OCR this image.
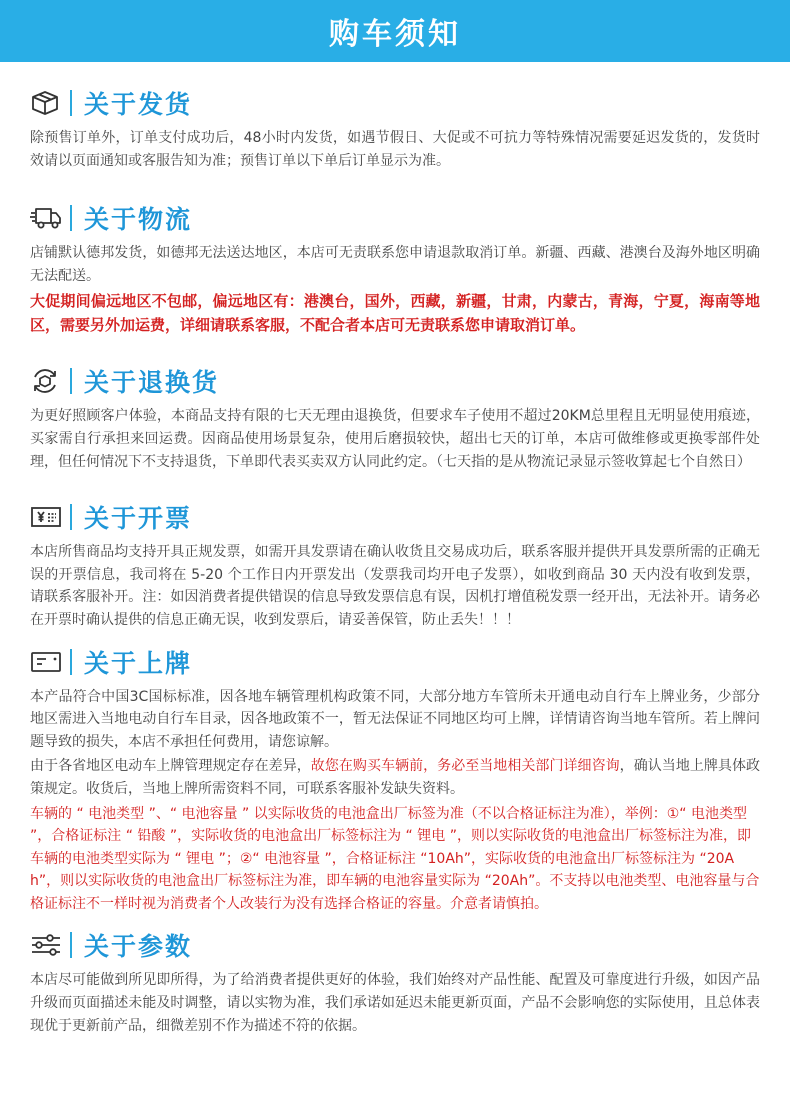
购车须知
关于发货

除预售订单外，订单支付成功后，48小时内发货，如遇节假日、大促或不可抗力等特殊情况需要延迟发货的，发货时效请以页面通知或客服告知为准；预售订单以下单后订单显示为准。

关于物流

店铺默认德邦发货，如德邦无法送达地区，本店可无责联系您申请退款取消订单。新疆、西藏、港澳台及海外地区明确无法配送。

大促期间偏远地区不包邮，偏远地区有：港澳台，国外，西藏，新疆，甘肃，内蒙古，青海，宁夏，海南等地区，需要另外加运费，详细请联系客服，不配合者本店可无责联系您申请取消订单。

关于退换货

为更好照顾客户体验，本商品支持有限的七天无理由退换货，但要求车子使用不超过20KM总里程且无明显使用痕迹，买家需自行承担来回运费。因商品使用场景复杂，使用后磨损较快，超出七天的订单，本店可做维修或更换零部件处理，但任何情况下不支持退货，下单即代表买卖双方认同此约定。（七天指的是从物流记录显示签收算起七个自然日）

关于开票

本店所售商品均支持开具正规发票，如需开具发票请在确认收货且交易成功后，联系客服并提供开具发票所需的正确无误的开票信息，我司将在 5-20 个工作日内开票发出（发票我司均开电子发票），如收到商品 30 天内没有收到发票，请联系客服补开。注：如因消费者提供错误的信息导致发票信息有误，因机打增值税发票一经开出，无法补开。请务必在开票时确认提供的信息正确无误，收到发票后，请妥善保管，防止丢失！！！

关于上牌

本产品符合中国3C国标标准，因各地车辆管理机构政策不同，大部分地方车管所未开通电动自行车上牌业务，少部分地区需进入当地电动自行车目录，因各地政策不一，暂无法保证不同地区均可上牌，详情请咨询当地车管所。若上牌问题导致的损失，本店不承担任何费用，请您谅解。

由于各省地区电动车上牌管理规定存在差异，故您在购买车辆前，务必至当地相关部门详细咨询，确认当地上牌具体政策规定。收货后，当地上牌所需资料不同，可联系客服补发缺失资料。

车辆的 “ 电池类型 ”、“ 电池容量 ” 以实际收货的电池盒出厂标签为准（不以合格证标注为准），举例：①“ 电池类型 ”，合格证标注 “ 铅酸 ”，实际收货的电池盒出厂标签标注为 “ 锂电 ”，则以实际收货的电池盒出厂标签标注为准，即车辆的电池类型实际为 “ 锂电 ”；②“ 电池容量 ”，合格证标注 “10Ah”，实际收货的电池盒出厂标签标注为 “20Ah”，则以实际收货的电池盒出厂标签标注为准，即车辆的电池容量实际为 “20Ah”。不支持以电池类型、电池容量与合格证标注不一样时视为消费者个人改装行为没有选择合格证的容量。介意者请慎拍。

关于参数

本店尽可能做到所见即所得，为了给消费者提供更好的体验，我们始终对产品性能、配置及可靠度进行升级，如因产品升级而页面描述未能及时调整，请以实物为准，我们承诺如延迟未能更新页面，产品不会影响您的实际使用，且总体表现优于更新前产品，细微差别不作为描述不符的依据。
